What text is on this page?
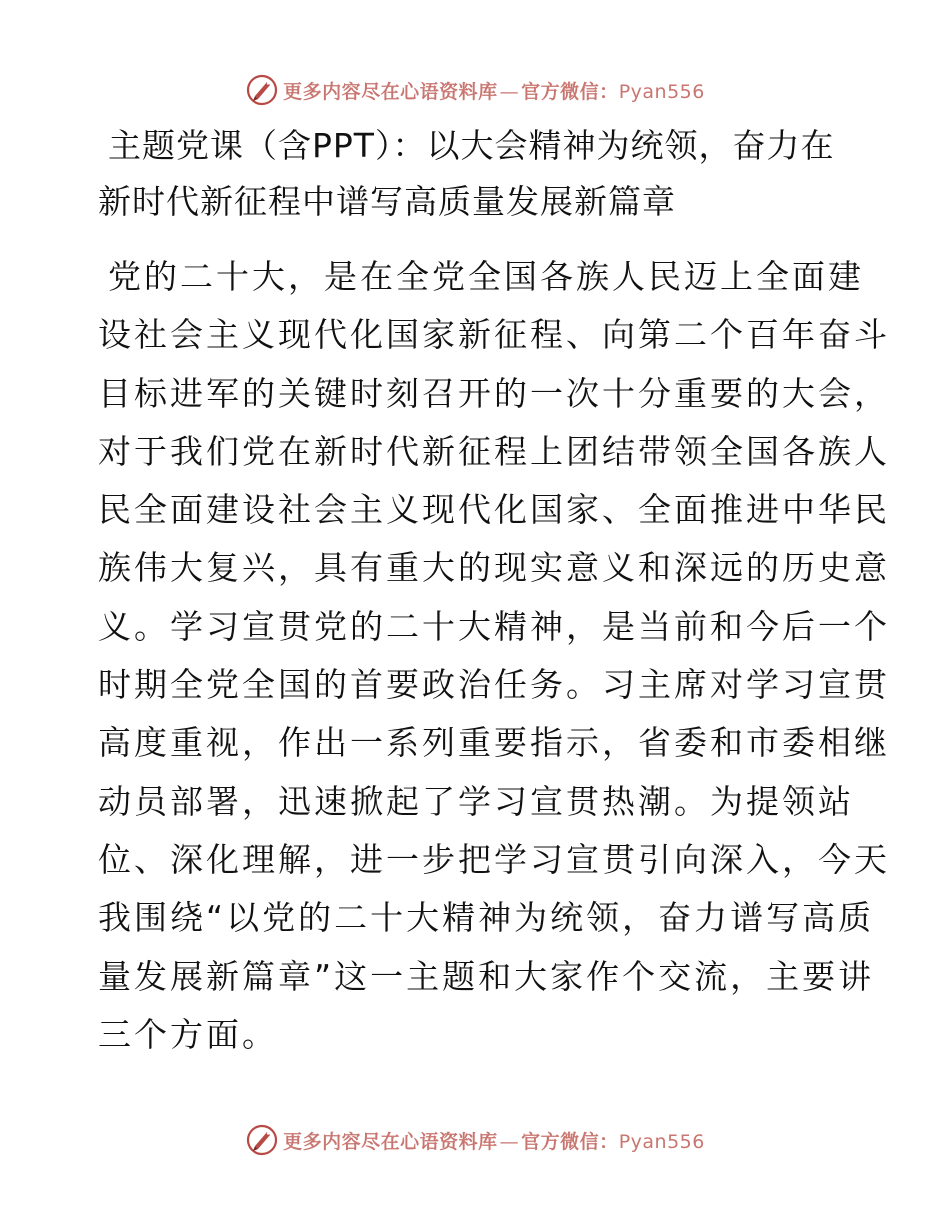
更多内容尽在心语资料库 — 官方微信：Pyan556
主题党课（含PPT）：以大会精神为统领，奋力在
新时代新征程中谱写高质量发展新篇章

党的二十大，是在全党全国各族人民迈上全面建
设社会主义现代化国家新征程、向第二个百年奋斗
目标进军的关键时刻召开的一次十分重要的大会，
对于我们党在新时代新征程上团结带领全国各族人
民全面建设社会主义现代化国家、全面推进中华民
族伟大复兴，具有重大的现实意义和深远的历史意
义。学习宣贯党的二十大精神，是当前和今后一个
时期全党全国的首要政治任务。习主席对学习宣贯
高度重视，作出一系列重要指示，省委和市委相继
动员部署，迅速掀起了学习宣贯热潮。为提领站
位、深化理解，进一步把学习宣贯引向深入，今天
我围绕“以党的二十大精神为统领，奋力谱写高质
量发展新篇章”这一主题和大家作个交流，主要讲
三个方面。

更多内容尽在心语资料库 — 官方微信：Pyan556
